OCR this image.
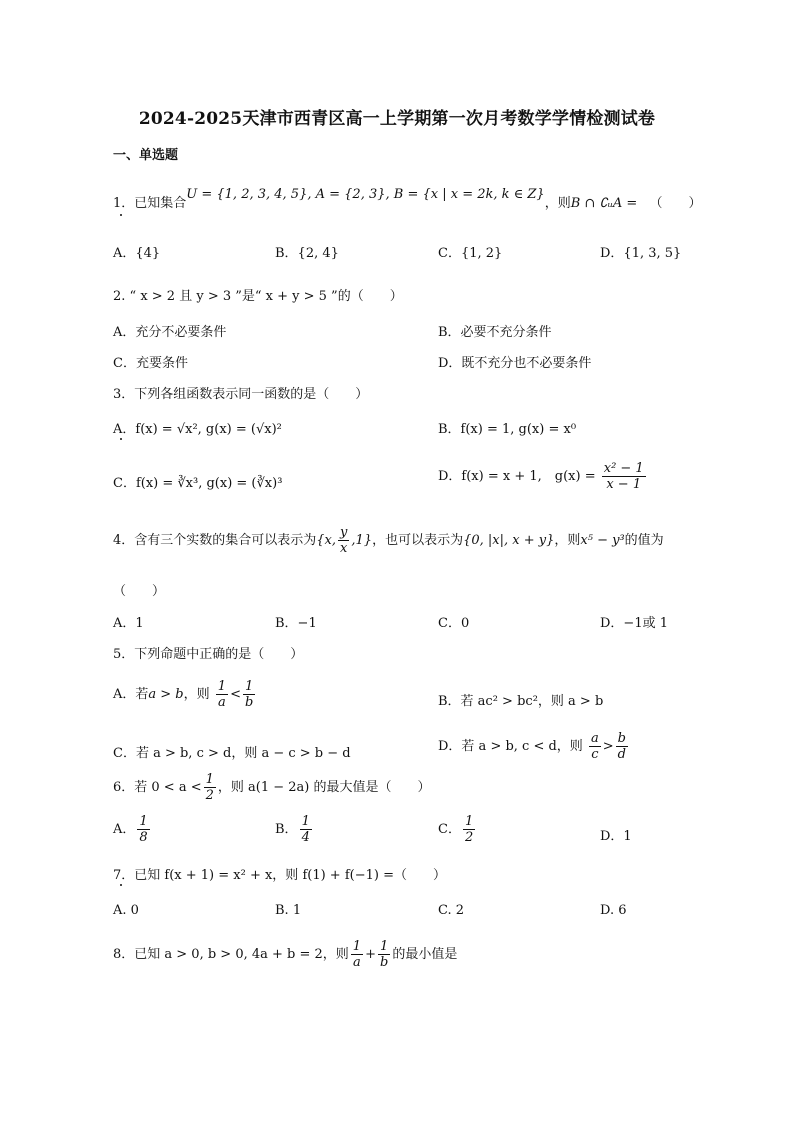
2024-2025天津市西青区高一上学期第一次月考数学学情检测试卷
一、单选题
1．已知集合U = {1, 2, 3, 4, 5}, A = {2, 3}, B = {x | x = 2k, k ∈ Z}，则B ∩ ∁ᵤA = （　　）
A．{4}	B．{2, 4}	C．{1, 2}	D．{1, 3, 5}
2. “ x > 2 且 y > 3 ”是“ x + y > 5 ”的（　　）
A．充分不必要条件	B．必要不充分条件
C．充要条件	D．既不充分也不必要条件
3．下列各组函数表示同一函数的是（　　）
A．f(x) = √x², g(x) = (√x)²	B．f(x) = 1, g(x) = x⁰
C．f(x) = ∛x³, g(x) = (∛x)³	D．f(x) = x + 1,　$g(x) = \frac{\text{x² − 1}}{x - 1}$
4．含有三个实数的集合可以表示为{x, $\frac{y}{x} ,1$}，也可以表示为{0, |x|, x + y}，则x⁵ − y³的值为
（　　）
A．1	B．−1	C．0	D．−1或 1
5．下列命题中正确的是（　　）
A．若a > b，则 $\frac{1}{a} < \frac{1}{b}$	B．若 ac² > bc²，则 a > b
C．若 a > b, c > d，则 a − c > b − d	D．若 a > b, c < d，则 $\frac{a}{c} > \frac{b}{d}$
6．若 $0 < a < \frac{1}{2}$ ，则 a(1 − 2a) 的最大值是（　　）
A． $\frac{1}{8}$	B． $\frac{1}{4}$	C． $\frac{1}{2}$	D．1
7．已知 f(x + 1) = x² + x，则 f(1) + f(−1) =（　　）
A. 0	B. 1	C. 2	D. 6
8．已知 a > 0, b > 0, 4a + b = 2，则 $\frac{1}{a} + \frac{1}{b}$ 的最小值是
